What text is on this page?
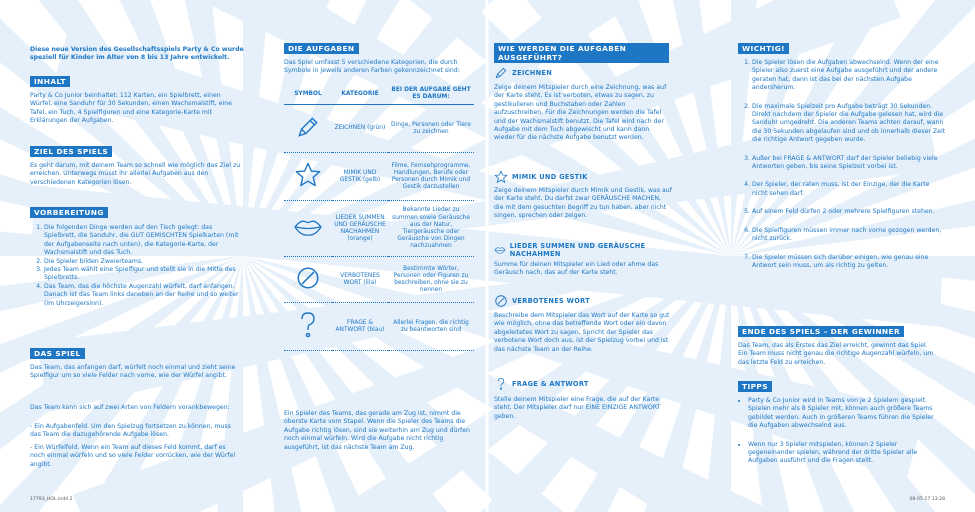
Diese neue Version des Gesellschaftsspiels Party & Co wurde speziell für Kinder im Alter von 8 bis 13 Jahre entwickelt.

INHALT

Party & Co Junior beinhaltet: 112 Karten, ein Spielbrett, einen Würfel, eine Sanduhr für 30 Sekunden, einen Wachsmalstift, eine Tafel, ein Tuch, 4 Spielfiguren und eine Kategorie-Karte mit Erklärungen der Aufgaben.

ZIEL DES SPIELS

Es geht darum, mit deinem Team so schnell wie möglich das Ziel zu erreichen. Unterwegs müsst ihr allerlei Aufgaben aus den verschiedenen Kategorien lösen.

VORBEREITUNG
1. Die folgenden Dinge werden auf den Tisch gelegt: das Spielbrett, die Sanduhr, die GUT GEMISCHTEN Spielkarten (mit der Aufgabenseite nach unten), die Kategorie-Karte, der Wachsmalstift und das Tuch.
2. Die Spieler bilden Zweierteams.
3. Jedes Team wählt eine Spielfigur und stellt sie in die Mitte des Spielbretts.
4. Das Team, das die höchste Augenzahl würfelt, darf anfangen. Danach ist das Team links daneben an der Reihe und so weiter (im Uhrzeigersinn).
DAS SPIEL

Das Team, das anfangen darf, würfelt noch einmal und zieht seine Spielfigur um so viele Felder nach vorne, wie der Würfel angibt.

Das Team kann sich auf zwei Arten von Feldern vorankbewegen:

- Ein Aufgabenfeld. Um den Spielzug fortsetzen zu können, muss das Team die dazugehörende Aufgabe lösen.

- Ein Würfelfeld. Wenn ein Team auf dieses Feld kommt, darf es noch einmal würfeln und so viele Felder vorrücken, wie der Würfel angibt.

DIE AUFGABEN

Das Spiel umfasst 5 verschiedene Kategorien, die durch Symbole in jeweils anderen Farben gekennzeichnet sind:

SYMBOL	KATEGORIE	BEI DER AUFGABE GEHT ES DARUM:
	ZEICHNEN (grün)	Dinge, Personen oder Tiere zu zeichnen
	MIMIK UND GESTIK (gelb)	Filme, Fernsehprogramme, Handlungen, Berufe oder Personen durch Mimik und Gestik darzustellen
	LIEDER SUMMEN UND GERÄUSCHE NACHAHMEN (orange)	Bekannte Lieder zu summen sowie Geräusche aus der Natur, Tiergeräusche oder Geräusche von Dingen nachzuahmen
	VERBOTENES WORT (lila)	Bestimmte Wörter, Personen oder Figuren zu beschreiben, ohne sie zu nennen
	FRAGE & ANTWORT (blau)	Allerlei Fragen, die richtig zu beantworten sind

Ein Spieler des Teams, das gerade am Zug ist, nimmt die oberste Karte vom Stapel. Wenn die Spieler des Teams die Aufgabe richtig lösen, sind sie weiterhin am Zug und dürfen noch einmal würfeln. Wird die Aufgabe nicht richtig ausgeführt, ist das nächste Team am Zug.

WIE WERDEN DIE AUFGABEN AUSGEFÜHRT?
ZEICHNEN

Zeige deinem Mitspieler durch eine Zeichnung, was auf der Karte steht. Es ist verboten, etwas zu sagen, zu gestikulieren und Buchstaben oder Zahlen aufzuschreiben. Für die Zeichnungen werden die Tafel und der Wachsmalstift benutzt. Die Tafel wird nach der Aufgabe mit dem Tuch abgewischt und kann dann wieder für die nächste Aufgabe benutzt werden.

MIMIK UND GESTIK

Zeige deinem Mitspieler durch Mimik und Gestik, was auf der Karte steht. Du darfst zwar GERÄUSCHE MACHEN, die mit dem gesuchten Begriff zu tun haben, aber nicht singen, sprechen oder zeigen.

LIEDER SUMMEN UND GERÄUSCHE NACHAHMEN

Summe für deinen Mitspieler ein Lied oder ahme das Geräusch nach, das auf der Karte steht.

VERBOTENES WORT

Beschreibe dem Mitspieler das Wort auf der Karte so gut wie möglich, ohne das betreffende Wort oder ein davon abgeleitetes Wort zu sagen. Spricht der Spieler das verbotene Wort doch aus, ist der Spielzug vorbei und ist das nächste Team an der Reihe.

FRAGE & ANTWORT

Stelle deinem Mitspieler eine Frage, die auf der Karte steht. Der Mitspieler darf nur EINE EINZIGE ANTWORT geben.

WICHTIG!
1. Die Spieler lösen die Aufgaben abwechselnd. Wenn der eine Spieler also zuerst eine Aufgabe ausgeführt und der andere geraten hat, dann ist das bei der nächsten Aufgabe andersherum.
2. Die maximale Spielzeit pro Aufgabe beträgt 30 Sekunden. Direkt nachdem der Spieler die Aufgabe gelesen hat, wird die Sanduhr umgedreht. Die anderen Teams achten darauf, wann die 30 Sekunden abgelaufen sind und ob innerhalb dieser Zeit die richtige Antwort gegeben wurde.
3. Außer bei FRAGE & ANTWORT darf der Spieler beliebig viele Antworten geben, bis seine Spielzeit vorbei ist.
4. Der Spieler, der raten muss, ist der Einzige, der die Karte nicht sehen darf.
5. Auf einem Feld dürfen 2 oder mehrere Spielfiguren stehen.
6. Die Spielfiguren müssen immer nach vorne gezogen werden, nicht zurück.
7. Die Spieler müssen sich darüber einigen, wie genau eine Antwort sein muss, um als richtig zu gelten.
ENDE DES SPIELS – DER GEWINNER

Das Team, das als Erstes das Ziel erreicht, gewinnt das Spiel. Ein Team muss nicht genau die richtige Augenzahl würfeln, um das letzte Feld zu erreichen.

TIPPS
• Party & Co Junior wird in Teams von je 2 Spielern gespielt. Spielen mehr als 8 Spieler mit, können auch größere Teams gebildet werden. Auch in größeren Teams führen die Spieler die Aufgaben abwechselnd aus.
• Wenn nur 3 Spieler mitspielen, können 2 Spieler gegeneinander spielen, während der dritte Spieler alle Aufgaben ausführt und die Fragen stellt.
17793_HOL.indd 2	08-05-17 13:28
